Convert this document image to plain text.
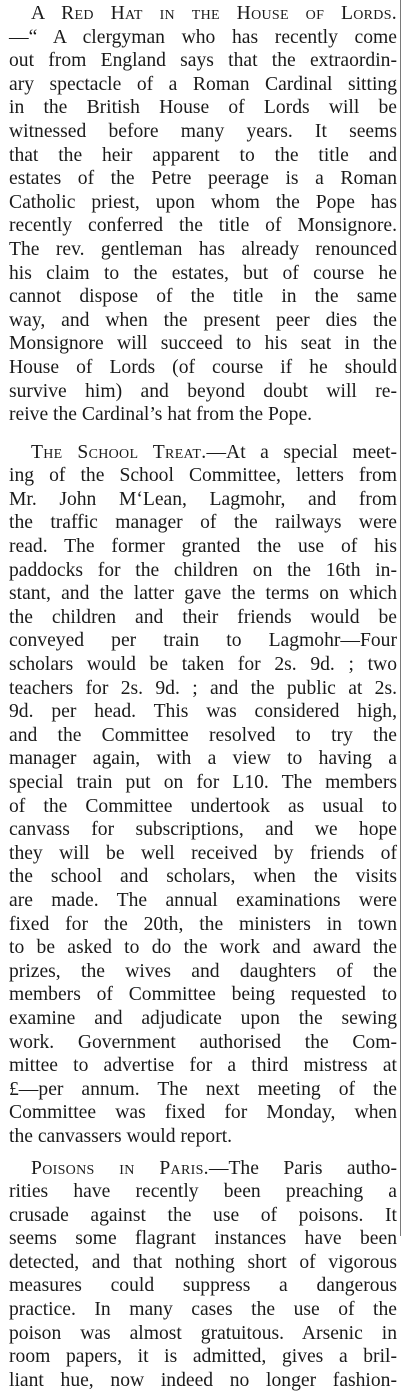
A Red Hat in the House of Lords.
—“ A clergyman who has recently come
out from England says that the extraordin-
ary spectacle of a Roman Cardinal sitting
in the British House of Lords will be
witnessed before many years. It seems
that the heir apparent to the title and
estates of the Petre peerage is a Roman
Catholic priest, upon whom the Pope has
recently conferred the title of Monsignore.
The rev. gentleman has already renounced
his claim to the estates, but of course he
cannot dispose of the title in the same
way, and when the present peer dies the
Monsignore will succeed to his seat in the
House of Lords (of course if he should
survive him) and beyond doubt will re-
reive the Cardinal’s hat from the Pope.
The School Treat.—At a special meet-
ing of the School Committee, letters from
Mr. John M‘Lean, Lagmohr, and from
the traffic manager of the railways were
read. The former granted the use of his
paddocks for the children on the 16th in-
stant, and the latter gave the terms on which
the children and their friends would be
conveyed per train to Lagmohr—Four
scholars would be taken for 2s. 9d. ; two
teachers for 2s. 9d. ; and the public at 2s.
9d. per head. This was considered high,
and the Committee resolved to try the
manager again, with a view to having a
special train put on for L10. The members
of the Committee undertook as usual to
canvass for subscriptions, and we hope
they will be well received by friends of
the school and scholars, when the visits
are made. The annual examinations were
fixed for the 20th, the ministers in town
to be asked to do the work and award the
prizes, the wives and daughters of the
members of Committee being requested to
examine and adjudicate upon the sewing
work. Government authorised the Com-
mittee to advertise for a third mistress at
£—per annum. The next meeting of the
Committee was fixed for Monday, when
the canvassers would report.
Poisons in Paris.—The Paris autho-
rities have recently been preaching a
crusade against the use of poisons. It
seems some flagrant instances have been
detected, and that nothing short of vigorous
measures could suppress a dangerous
practice. In many cases the use of the
poison was almost gratuitous. Arsenic in
room papers, it is admitted, gives a bril-
liant hue, now indeed no longer fashion-
